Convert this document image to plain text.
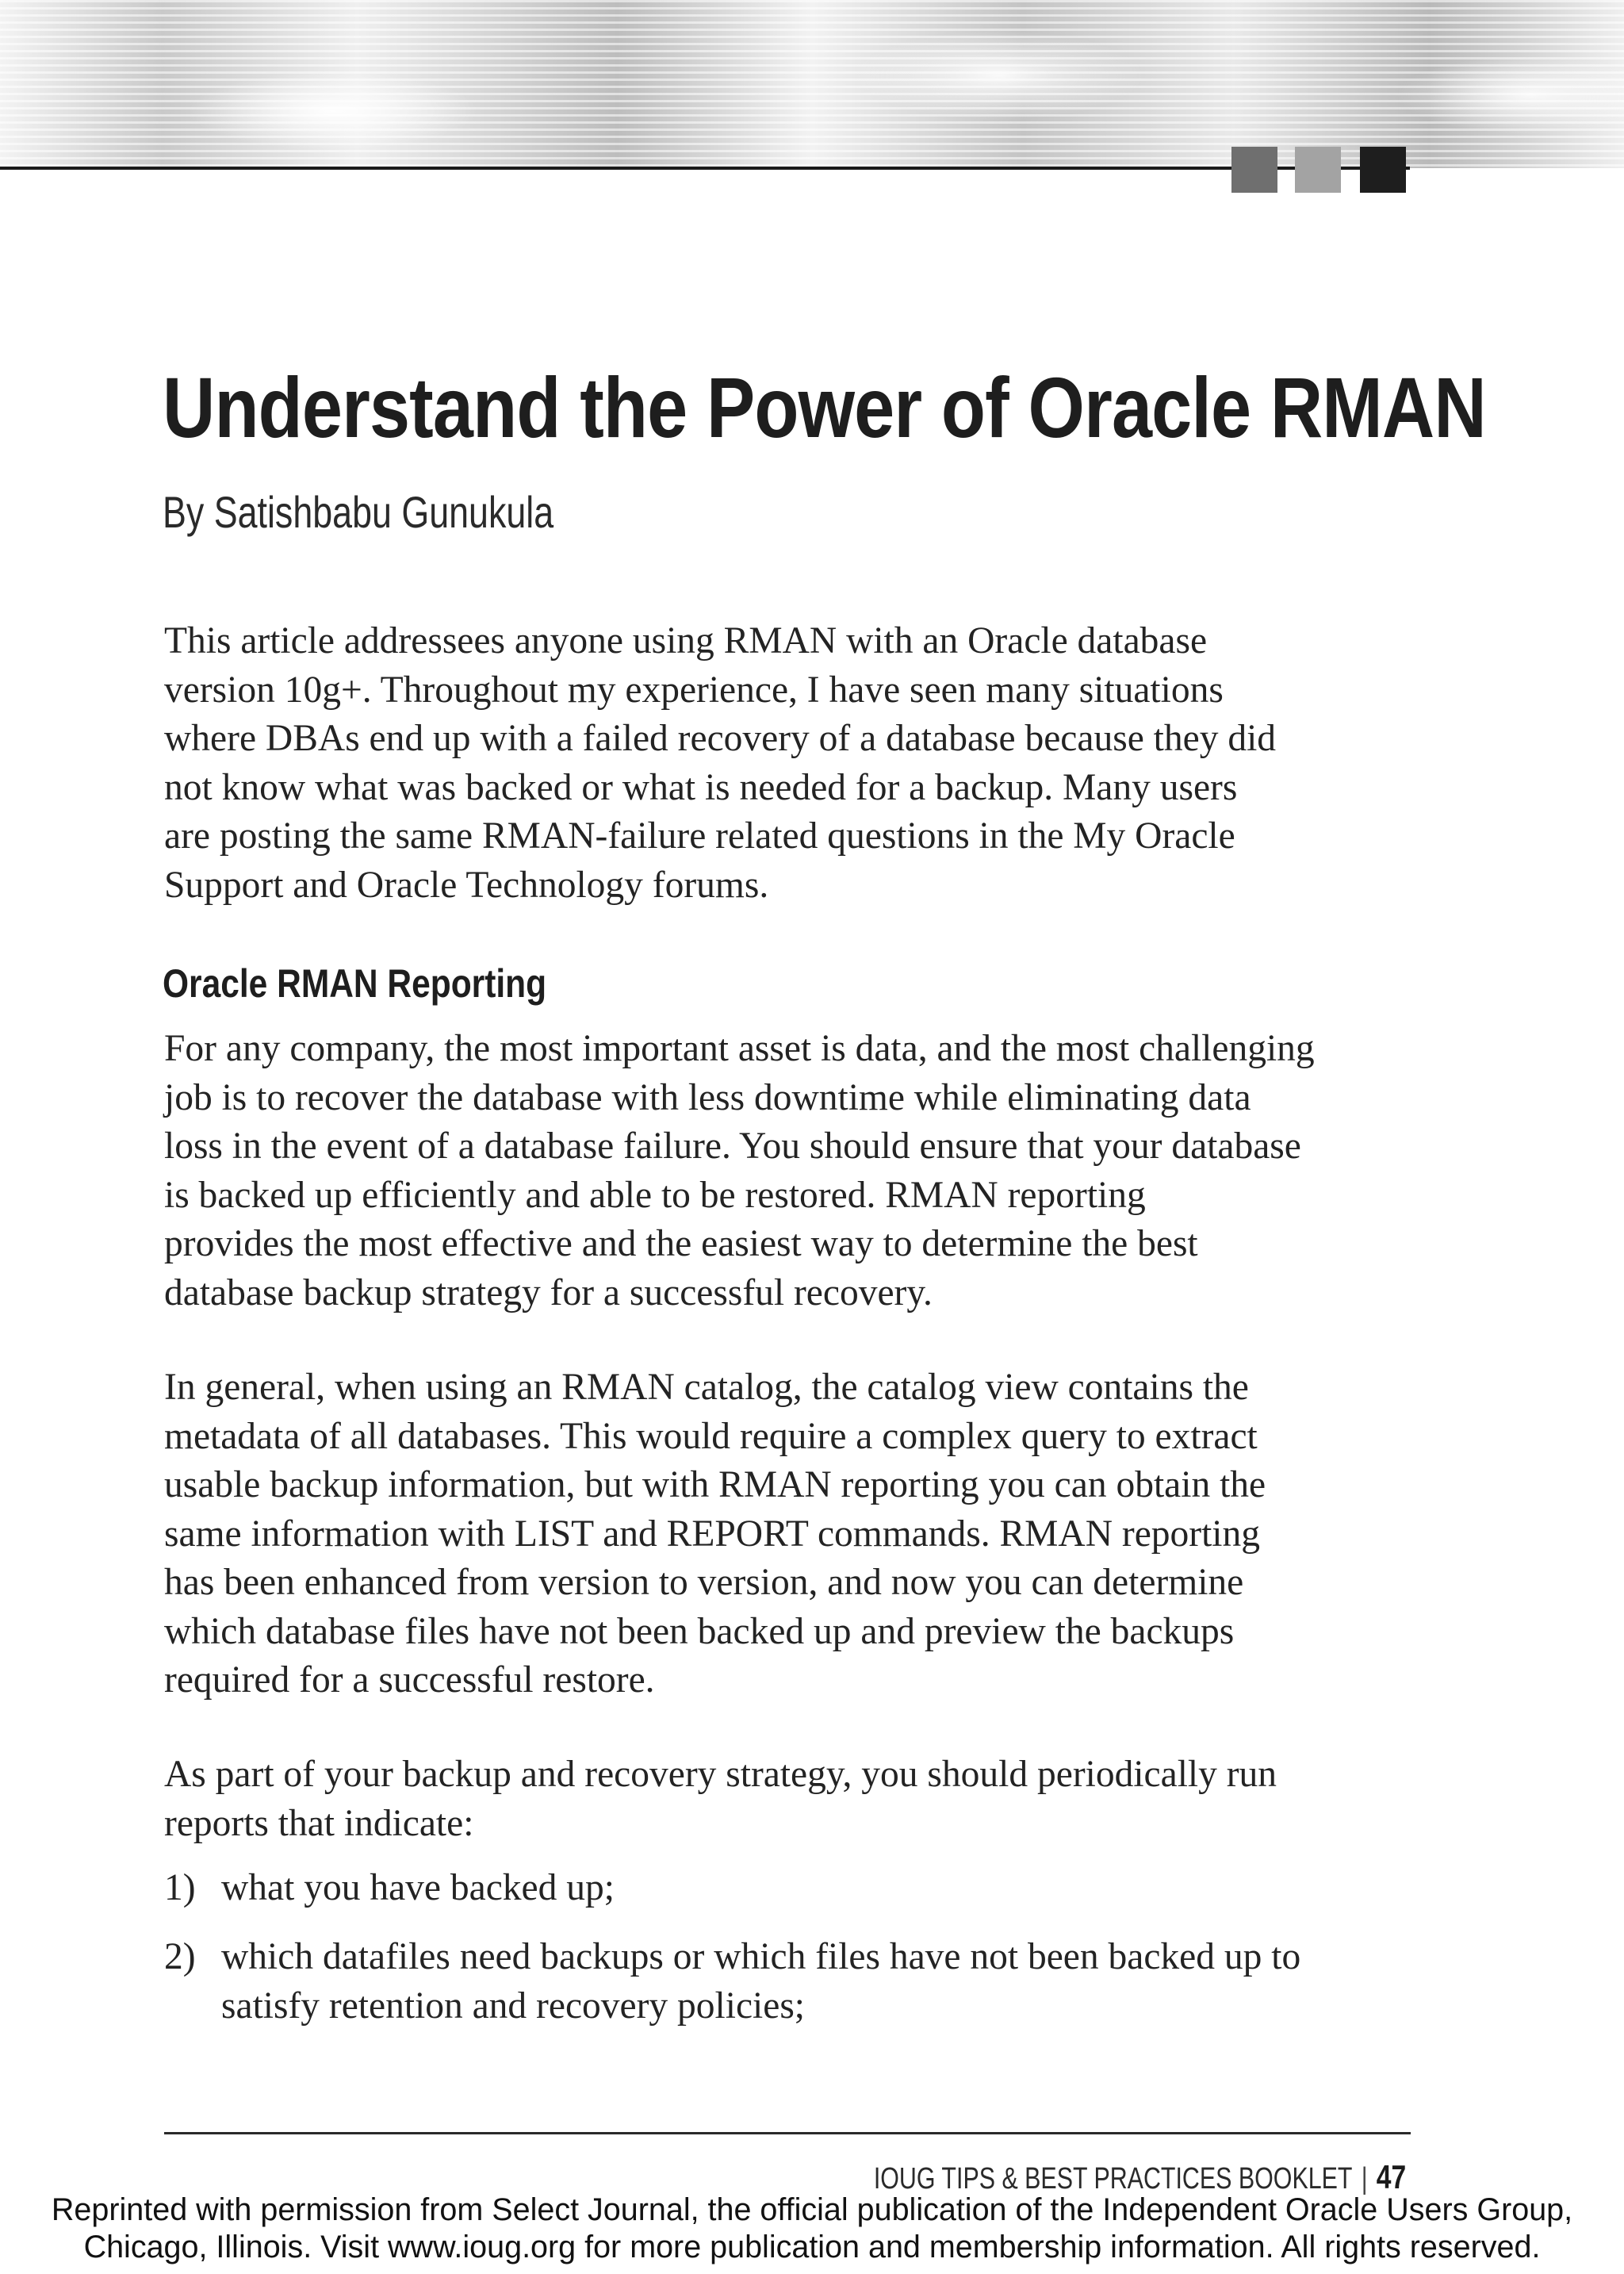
Understand the Power of Oracle RMAN

By Satishbabu Gunukula

This article addressees anyone using RMAN with an Oracle database
version 10g+. Throughout my experience, I have seen many situations
where DBAs end up with a failed recovery of a database because they did
not know what was backed or what is needed for a backup. Many users
are posting the same RMAN-failure related questions in the My Oracle
Support and Oracle Technology forums.

Oracle RMAN Reporting

For any company, the most important asset is data, and the most challenging
job is to recover the database with less downtime while eliminating data
loss in the event of a database failure. You should ensure that your database
is backed up efficiently and able to be restored. RMAN reporting
provides the most effective and the easiest way to determine the best
database backup strategy for a successful recovery.

In general, when using an RMAN catalog, the catalog view contains the
metadata of all databases. This would require a complex query to extract
usable backup information, but with RMAN reporting you can obtain the
same information with LIST and REPORT commands. RMAN reporting
has been enhanced from version to version, and now you can determine
which database files have not been backed up and preview the backups
required for a successful restore.

As part of your backup and recovery strategy, you should periodically run
reports that indicate:

1) what you have backed up;
2) which datafiles need backups or which files have not been backed up to
satisfy retention and recovery policies;

IOUG TIPS & BEST PRACTICES BOOKLET | 47

Reprinted with permission from Select Journal, the official publication of the Independent Oracle Users Group,
Chicago, Illinois. Visit www.ioug.org for more publication and membership information. All rights reserved.
